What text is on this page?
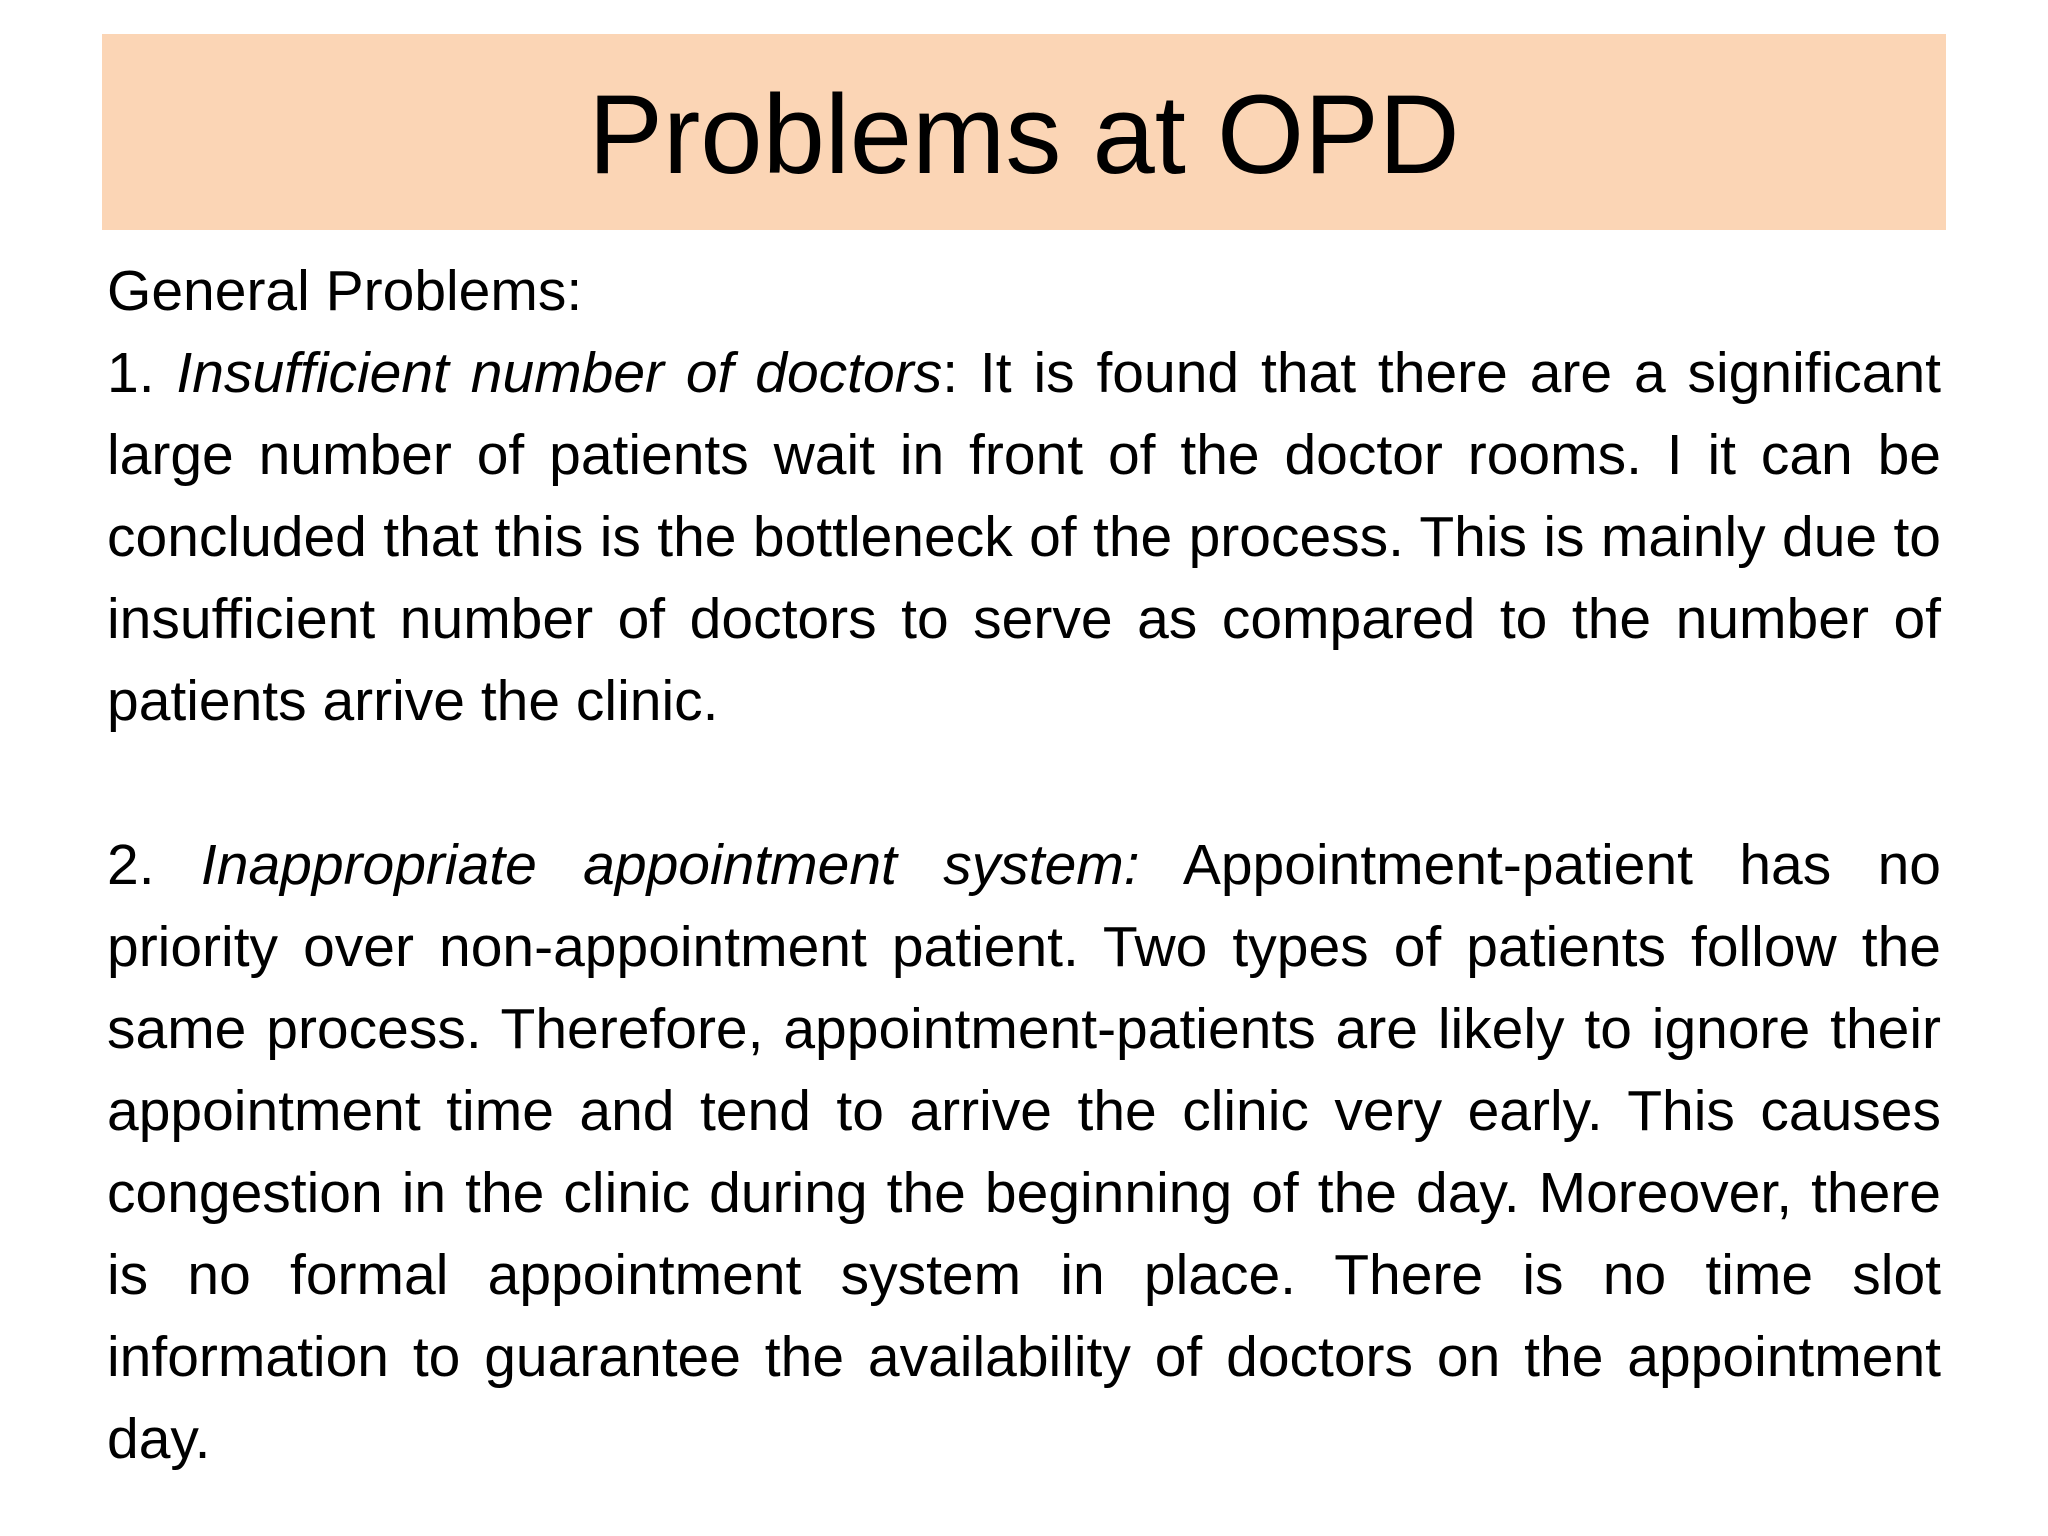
Problems at OPD

General Problems:

1. Insufficient number of doctors: It is found that there are a significant large number of patients wait in front of the doctor rooms. I it can be concluded that this is the bottleneck of the process. This is mainly due to insufficient number of doctors to serve as compared to the number of patients arrive the clinic.

2. Inappropriate appointment system: Appointment-patient has no priority over non-appointment patient. Two types of patients follow the same process. Therefore, appointment-patients are likely to ignore their appointment time and tend to arrive the clinic very early. This causes congestion in the clinic during the beginning of the day. Moreover, there is no formal appointment system in place. There is no time slot information to guarantee the availability of doctors on the appointment day.
